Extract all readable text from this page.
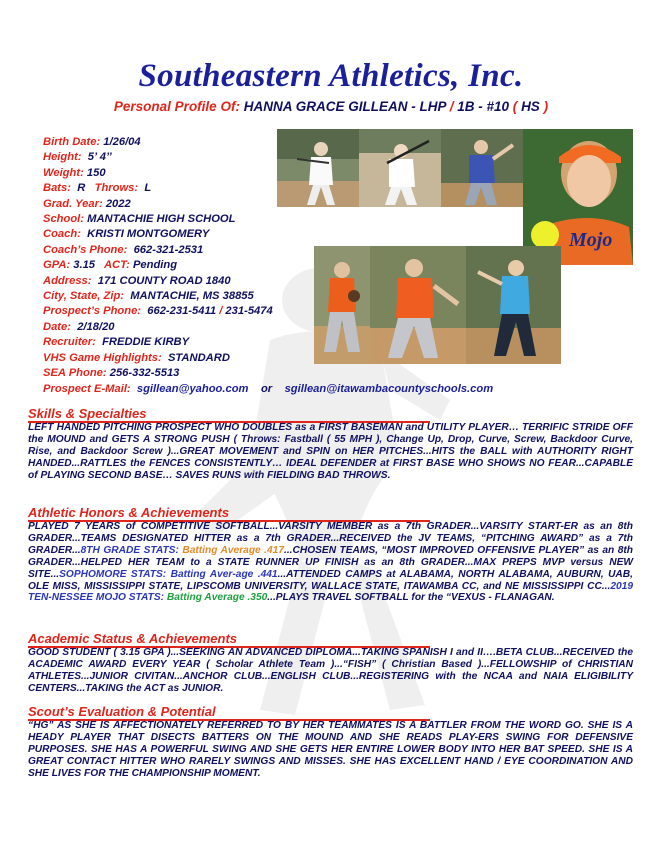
Southeastern Athletics, Inc.
Personal Profile Of: HANNA GRACE GILLEAN - LHP / 1B - #10 ( HS )
Birth Date: 1/26/04
Height: 5’ 4’’
Weight: 150
Bats: R Throws: L
Grad. Year: 2022
School: MANTACHIE HIGH SCHOOL
Coach: KRISTI MONTGOMERY
Coach’s Phone: 662-321-2531
GPA: 3.15 ACT: Pending
Address: 171 COUNTY ROAD 1840
City, State, Zip: MANTACHIE, MS 38855
Prospect’s Phone: 662-231-5411 / 231-5474
Date: 2/18/20
Recruiter: FREDDIE KIRBY
VHS Game Highlights: STANDARD
SEA Phone: 256-332-5513
Prospect E-Mail: sgillean@yahoo.com or sgillean@itawambacountyschools.com
Mojo
Skills & Specialties
LEFT HANDED PITCHING PROSPECT WHO DOUBLES as a FIRST BASEMAN and UTILITY PLAYER… TERRIFIC STRIDE OFF the MOUND and GETS A STRONG PUSH ( Throws: Fastball ( 55 MPH ), Change Up, Drop, Curve, Screw, Backdoor Curve, Rise, and Backdoor Screw )...GREAT MOVEMENT and SPIN on HER PITCHES...HITS the BALL with AUTHORITY RIGHT HANDED...RATTLES the FENCES CONSISTENTLY… IDEAL DEFENDER at FIRST BASE WHO SHOWS NO FEAR...CAPABLE of PLAYING SECOND BASE… SAVES RUNS with FIELDING BAD THROWS.
Athletic Honors & Achievements
PLAYED 7 YEARS of COMPETITIVE SOFTBALL...VARSITY MEMBER as a 7th GRADER...VARSITY START-ER as an 8th GRADER...TEAMS DESIGNATED HITTER as a 7th GRADER...RECEIVED the JV TEAMS, “PITCHING AWARD” as a 7th GRADER...8TH GRADE STATS: Batting Average .417...CHOSEN TEAMS, “MOST IMPROVED OFFENSIVE PLAYER” as an 8th GRADER...HELPED HER TEAM to a STATE RUNNER UP FINISH as an 8th GRADER...MAX PREPS MVP versus NEW SITE...SOPHOMORE STATS: Batting Aver-age .441...ATTENDED CAMPS at ALABAMA, NORTH ALABAMA, AUBURN, UAB, OLE MISS, MISSISSIPPI STATE, LIPSCOMB UNIVERSITY, WALLACE STATE, ITAWAMBA CC, and NE MISSISSIPPI CC...2019 TEN-NESSEE MOJO STATS: Batting Average .350...PLAYS TRAVEL SOFTBALL for the “VEXUS - FLANAGAN.
Academic Status & Achievements
GOOD STUDENT ( 3.15 GPA )...SEEKING AN ADVANCED DIPLOMA...TAKING SPANISH I and II….BETA CLUB...RECEIVED the ACADEMIC AWARD EVERY YEAR ( Scholar Athlete Team )...“FISH” ( Christian Based )...FELLOWSHIP of CHRISTIAN ATHLETES...JUNIOR CIVITAN...ANCHOR CLUB...ENGLISH CLUB...REGISTERING with the NCAA and NAIA ELIGIBILITY CENTERS...TAKING the ACT as JUNIOR.
Scout’s Evaluation & Potential
“HG” AS SHE IS AFFECTIONATELY REFERRED TO BY HER TEAMMATES IS A BATTLER FROM THE WORD GO. SHE IS A HEADY PLAYER THAT DISECTS BATTERS ON THE MOUND AND SHE READS PLAY-ERS SWING FOR DEFENSIVE PURPOSES. SHE HAS A POWERFUL SWING AND SHE GETS HER ENTIRE LOWER BODY INTO HER BAT SPEED. SHE IS A GREAT CONTACT HITTER WHO RARELY SWINGS AND MISSES. SHE HAS EXCELLENT HAND / EYE COORDINATION AND SHE LIVES FOR THE CHAMPIONSHIP MOMENT.
